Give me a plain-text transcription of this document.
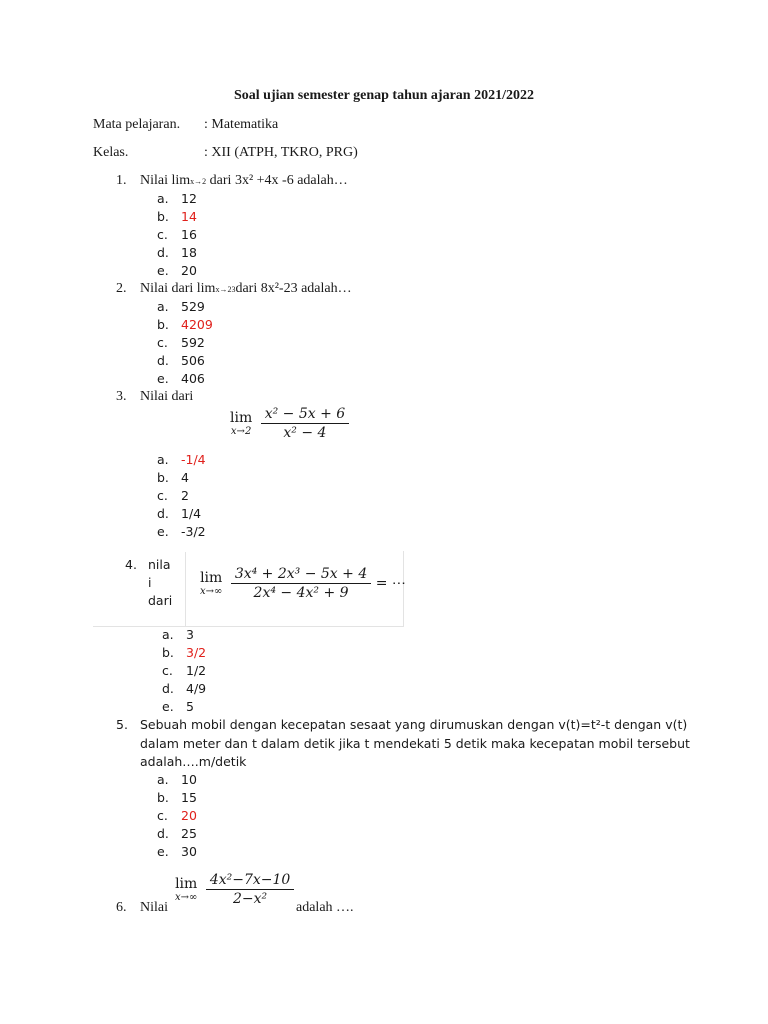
Soal ujian semester genap tahun ajaran 2021/2022
Mata pelajaran. : Matematika
Kelas.	: XII (ATPH, TKRO, PRG)
1. Nilai limx→2 dari 3x² +4x -6 adalah…
a. 12
b. 14
c. 16
d. 18
e. 20
2. Nilai dari limx→23dari 8x²-23 adalah…
a. 529
b. 4209
c. 592
d. 506
e. 406
3. Nilai dari
lim
x→2
$\frac{\text{x² − 5x + 6}}{\text{x² − 4}}$
a. -1/4
b. 4
c. 2
d. 1/4
e. -3/2
4. nila
i
dari
lim
x→∞
$\frac{\text{3x⁴ + 2x³ − 5x + 4}}{\text{2x⁴ − 4x² + 9}}$ = ⋯
a. 3
b. 3/2
c. 1/2
d. 4/9
e. 5
5. Sebuah mobil dengan kecepatan sesaat yang dirumuskan dengan v(t)=t²-t dengan v(t)
dalam meter dan t dalam detik jika t mendekati 5 detik maka kecepatan mobil tersebut
adalah….m/detik
a. 10
b. 15
c. 20
d. 25
e. 30
6. Nilai
lim
x→∞
$\frac{\text{4x²−7x−10}}{\text{2−x²}}$
adalah ….
